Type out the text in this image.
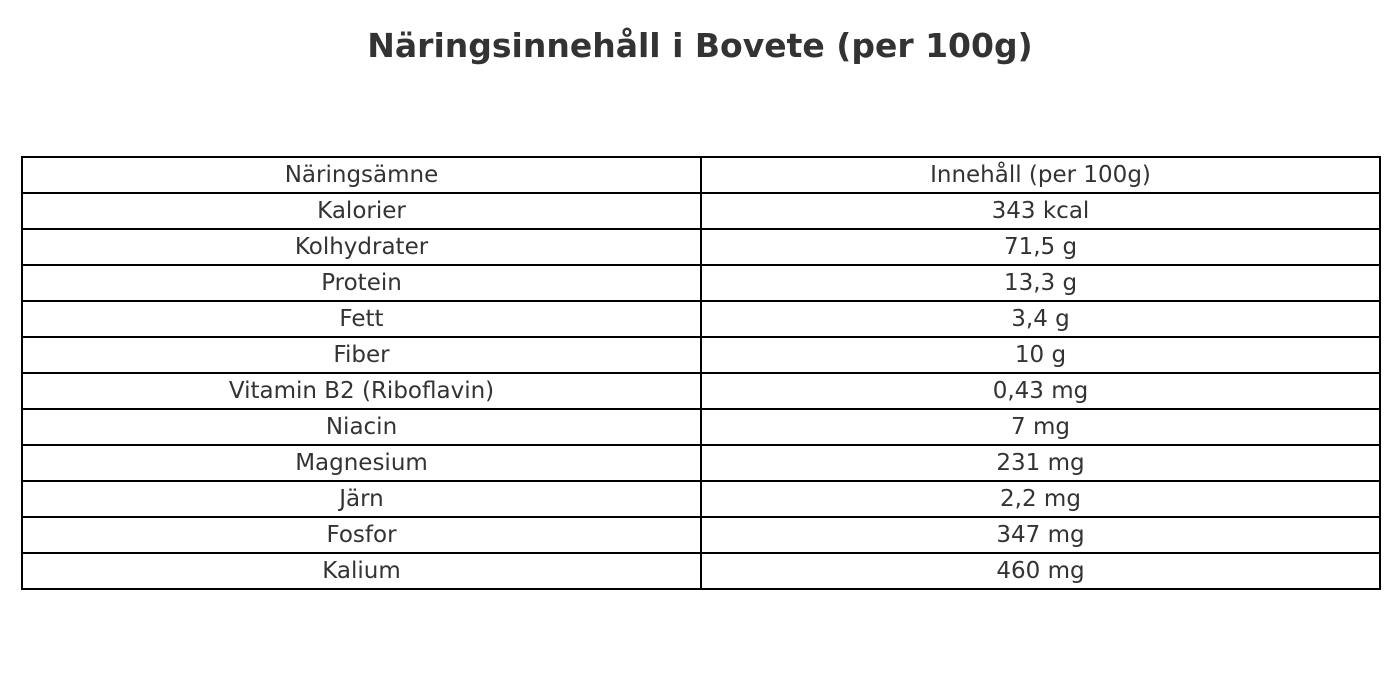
Näringsinnehåll i Bovete (per 100g)
Näringsämne	Innehåll (per 100g)
Kalorier	343 kcal
Kolhydrater	71,5 g
Protein	13,3 g
Fett	3,4 g
Fiber	10 g
Vitamin B2 (Riboflavin)	0,43 mg
Niacin	7 mg
Magnesium	231 mg
Järn	2,2 mg
Fosfor	347 mg
Kalium	460 mg
